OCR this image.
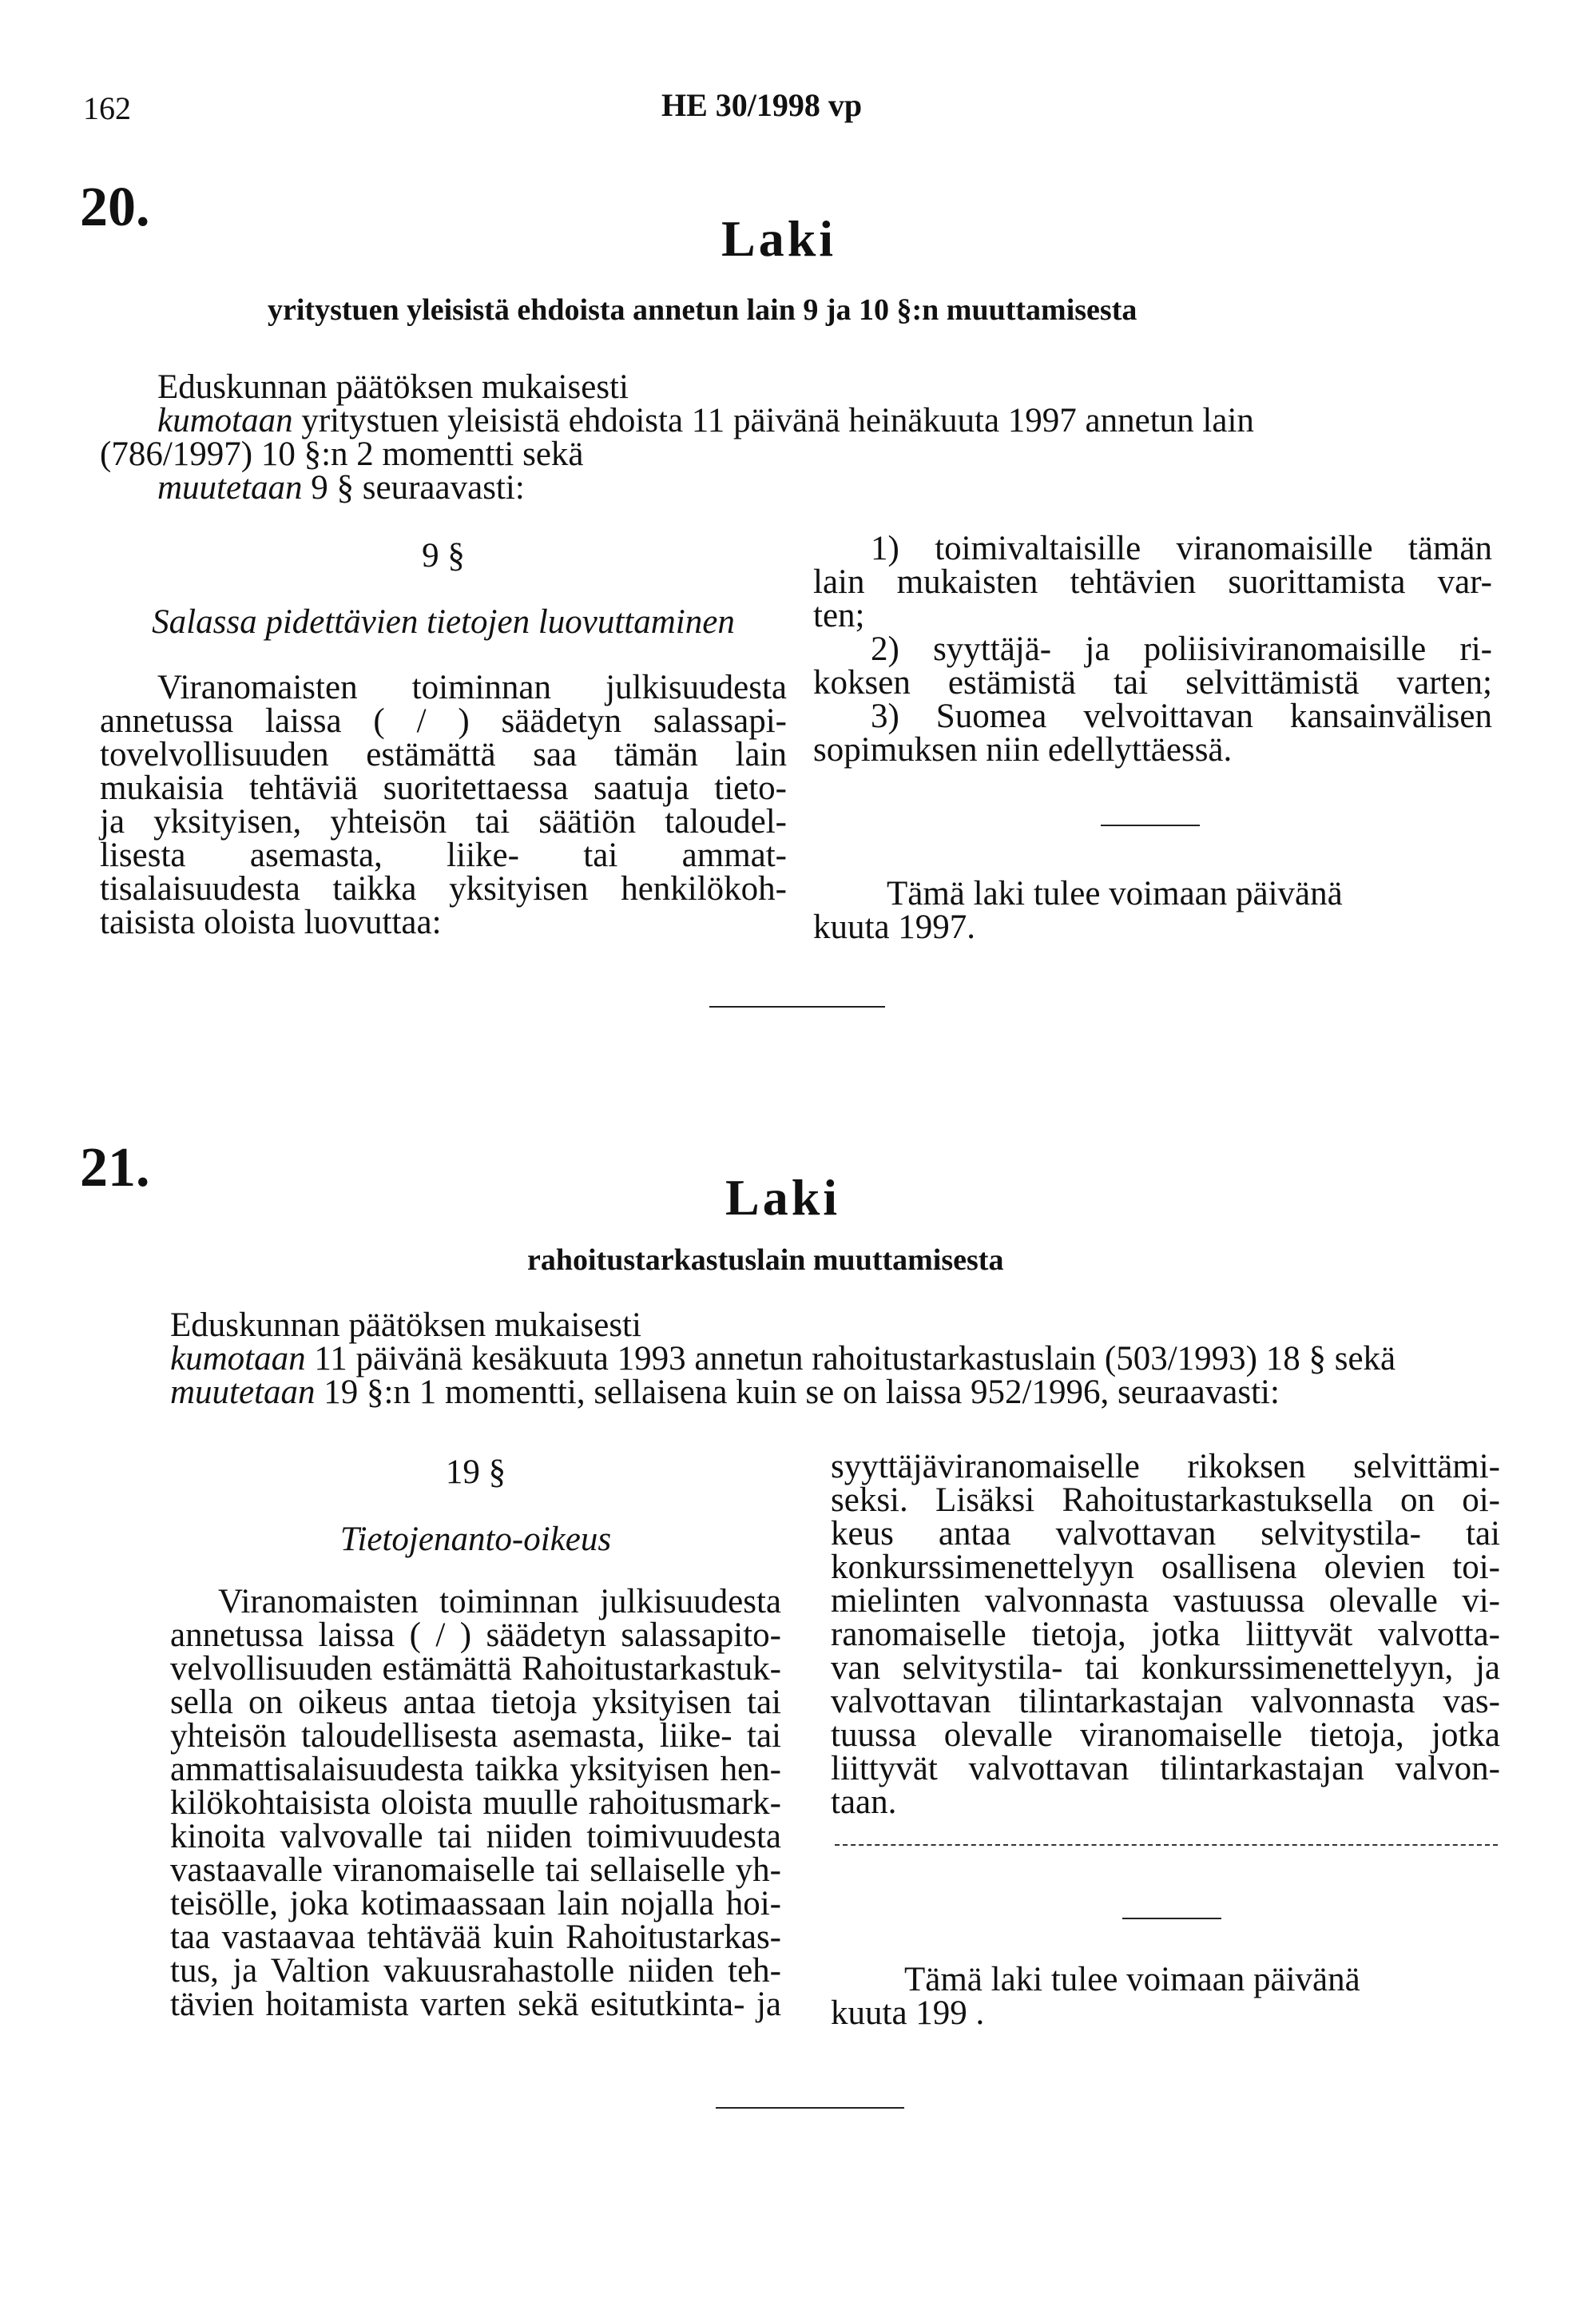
162	HE 30/1998 vp
20.
Laki
yritystuen yleisistä ehdoista annetun lain 9 ja 10 §:n muuttamisesta

Eduskunnan päätöksen mukaisesti

kumotaan yritystuen yleisistä ehdoista 11 päivänä heinäkuuta 1997 annetun lain

(786/1997) 10 §:n 2 momentti sekä

muutetaan 9 § seuraavasti:

9 §
Salassa pidettävien tietojen luovuttaminen
Viranomaisten toiminnan julkisuudesta
annetussa laissa ( / ) säädetyn salassapi-
tovelvollisuuden estämättä saa tämän lain
mukaisia tehtäviä suoritettaessa saatuja tieto-
ja yksityisen, yhteisön tai säätiön taloudel-
lisesta asemasta, liike- tai ammat-
tisalaisuudesta taikka yksityisen henkilökoh-
taisista oloista luovuttaa:
1) toimivaltaisille viranomaisille tämän
lain mukaisten tehtävien suorittamista var-
ten;
2) syyttäjä- ja poliisiviranomaisille ri-
koksen estämistä tai selvittämistä varten;
3) Suomea velvoittavan kansainvälisen
sopimuksen niin edellyttäessä.
Tämä laki tulee voimaan päivänä
kuuta 1997.
21.	Laki
rahoitustarkastuslain muuttamisesta

Eduskunnan päätöksen mukaisesti

kumotaan 11 päivänä kesäkuuta 1993 annetun rahoitustarkastuslain (503/1993) 18 § sekä

muutetaan 19 §:n 1 momentti, sellaisena kuin se on laissa 952/1996, seuraavasti:

19 §
Tietojenanto-oikeus
Viranomaisten toiminnan julkisuudesta
annetussa laissa ( / ) säädetyn salassapito-
velvollisuuden estämättä Rahoitustarkastuk-
sella on oikeus antaa tietoja yksityisen tai
yhteisön taloudellisesta asemasta, liike- tai
ammattisalaisuudesta taikka yksityisen hen-
kilökohtaisista oloista muulle rahoitusmark-
kinoita valvovalle tai niiden toimivuudesta
vastaavalle viranomaiselle tai sellaiselle yh-
teisölle, joka kotimaassaan lain nojalla hoi-
taa vastaavaa tehtävää kuin Rahoitustarkas-
tus, ja Valtion vakuusrahastolle niiden teh-
tävien hoitamista varten sekä esitutkinta- ja
syyttäjäviranomaiselle rikoksen selvittämi-
seksi. Lisäksi Rahoitustarkastuksella on oi-
keus antaa valvottavan selvitystila- tai
konkurssimenettelyyn osallisena olevien toi-
mielinten valvonnasta vastuussa olevalle vi-
ranomaiselle tietoja, jotka liittyvät valvotta-
van selvitystila- tai konkurssimenettelyyn, ja
valvottavan tilintarkastajan valvonnasta vas-
tuussa olevalle viranomaiselle tietoja, jotka
liittyvät valvottavan tilintarkastajan valvon-
taan.
Tämä laki tulee voimaan päivänä
kuuta 199 .
